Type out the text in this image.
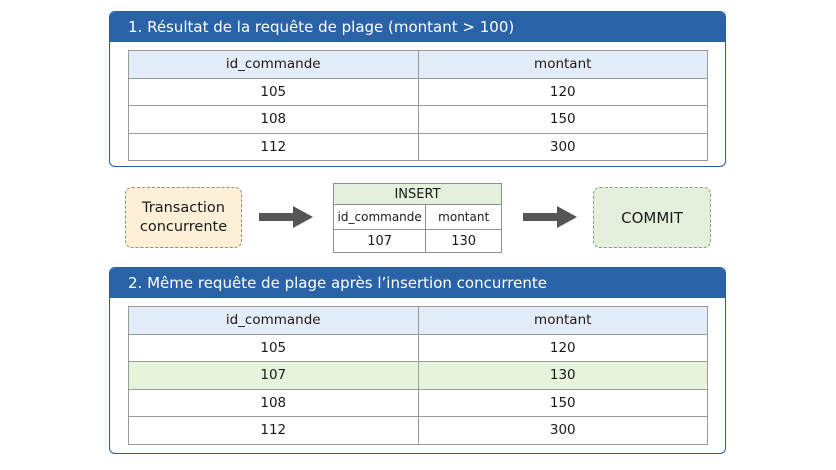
1. Résultat de la requête de plage (montant > 100)
id_commande	montant
105	120
108	150
112	300
Transaction concurrente
INSERT
id_commande	montant
107	130
COMMIT
2. Même requête de plage après l’insertion concurrente
id_commande	montant
105	120
107	130
108	150
112	300
